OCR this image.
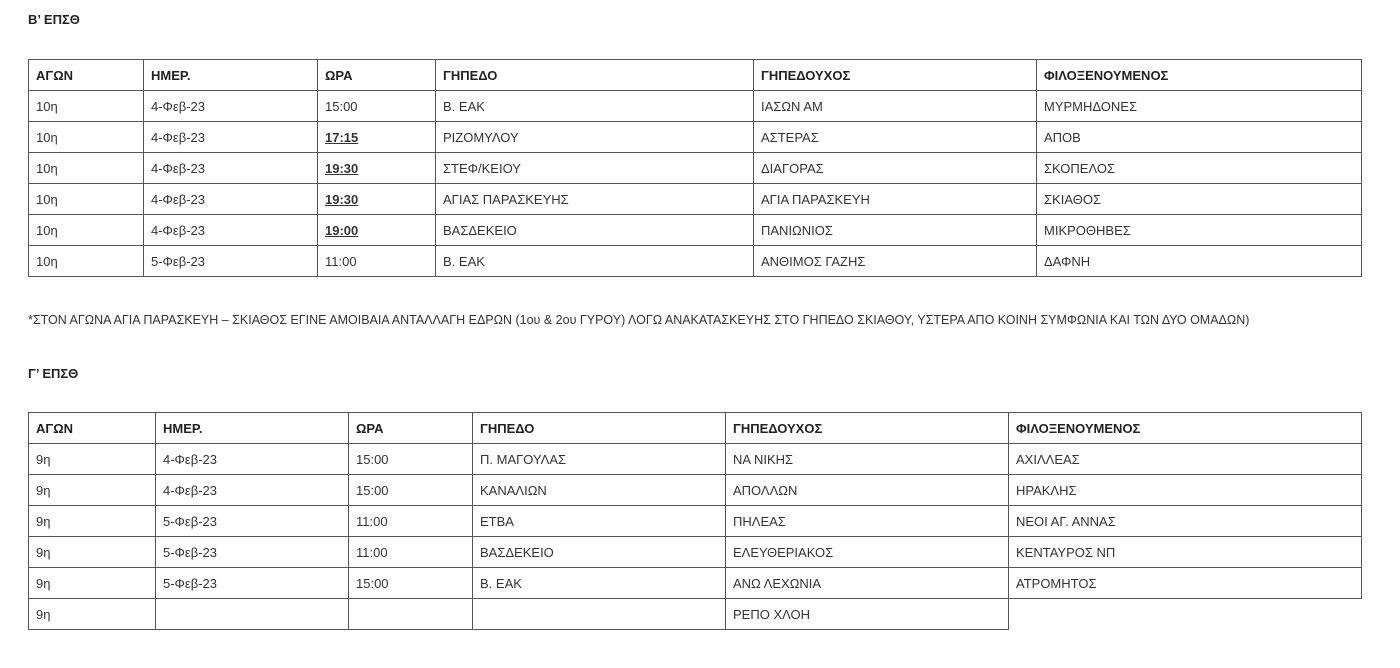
Β’ ΕΠΣΘ
ΑΓΩΝ	ΗΜΕΡ.	ΩΡΑ	ΓΗΠΕΔΟ	ΓΗΠΕΔΟΥΧΟΣ	ΦΙΛΟΞΕΝΟΥΜΕΝΟΣ
10η	4-Φεβ-23	15:00	Β. ΕΑΚ	ΙΑΣΩΝ ΑΜ	ΜΥΡΜΗΔΟΝΕΣ
10η	4-Φεβ-23	17:15	ΡΙΖΟΜΥΛΟΥ	ΑΣΤΕΡΑΣ	ΑΠΟΒ
10η	4-Φεβ-23	19:30	ΣΤΕΦ/ΚΕΙΟΥ	ΔΙΑΓΟΡΑΣ	ΣΚΟΠΕΛΟΣ
10η	4-Φεβ-23	19:30	ΑΓΙΑΣ ΠΑΡΑΣΚΕΥΗΣ	ΑΓΙΑ ΠΑΡΑΣΚΕΥΗ	ΣΚΙΑΘΟΣ
10η	4-Φεβ-23	19:00	ΒΑΣΔΕΚΕΙΟ	ΠΑΝΙΩΝΙΟΣ	ΜΙΚΡΟΘΗΒΕΣ
10η	5-Φεβ-23	11:00	Β. ΕΑΚ	ΑΝΘΙΜΟΣ ΓΑΖΗΣ	ΔΑΦΝΗ
*ΣΤΟΝ ΑΓΩΝΑ ΑΓΙΑ ΠΑΡΑΣΚΕΥΗ – ΣΚΙΑΘΟΣ ΕΓΙΝΕ ΑΜΟΙΒΑΙΑ ΑΝΤΑΛΛΑΓΗ ΕΔΡΩΝ (1ου & 2ου ΓΥΡΟΥ) ΛΟΓΩ ΑΝΑΚΑΤΑΣΚΕΥΗΣ ΣΤΟ ΓΗΠΕΔΟ ΣΚΙΑΘΟΥ, ΥΣΤΕΡΑ ΑΠΟ ΚΟΙΝΗ ΣΥΜΦΩΝΙΑ ΚΑΙ ΤΩΝ ΔΥΟ ΟΜΑΔΩΝ)
Γ’ ΕΠΣΘ
ΑΓΩΝ	ΗΜΕΡ.	ΩΡΑ	ΓΗΠΕΔΟ	ΓΗΠΕΔΟΥΧΟΣ	ΦΙΛΟΞΕΝΟΥΜΕΝΟΣ
9η	4-Φεβ-23	15:00	Π. ΜΑΓΟΥΛΑΣ	ΝΑ ΝΙΚΗΣ	ΑΧΙΛΛΕΑΣ
9η	4-Φεβ-23	15:00	ΚΑΝΑΛΙΩΝ	ΑΠΟΛΛΩΝ	ΗΡΑΚΛΗΣ
9η	5-Φεβ-23	11:00	ΕΤΒΑ	ΠΗΛΕΑΣ	ΝΕΟΙ ΑΓ. ΑΝΝΑΣ
9η	5-Φεβ-23	11:00	ΒΑΣΔΕΚΕΙΟ	ΕΛΕΥΘΕΡΙΑΚΟΣ	ΚΕΝΤΑΥΡΟΣ ΝΠ
9η	5-Φεβ-23	15:00	Β. ΕΑΚ	ΑΝΩ ΛΕΧΩΝΙΑ	ΑΤΡΟΜΗΤΟΣ
9η				ΡΕΠΟ ΧΛΟΗ	
